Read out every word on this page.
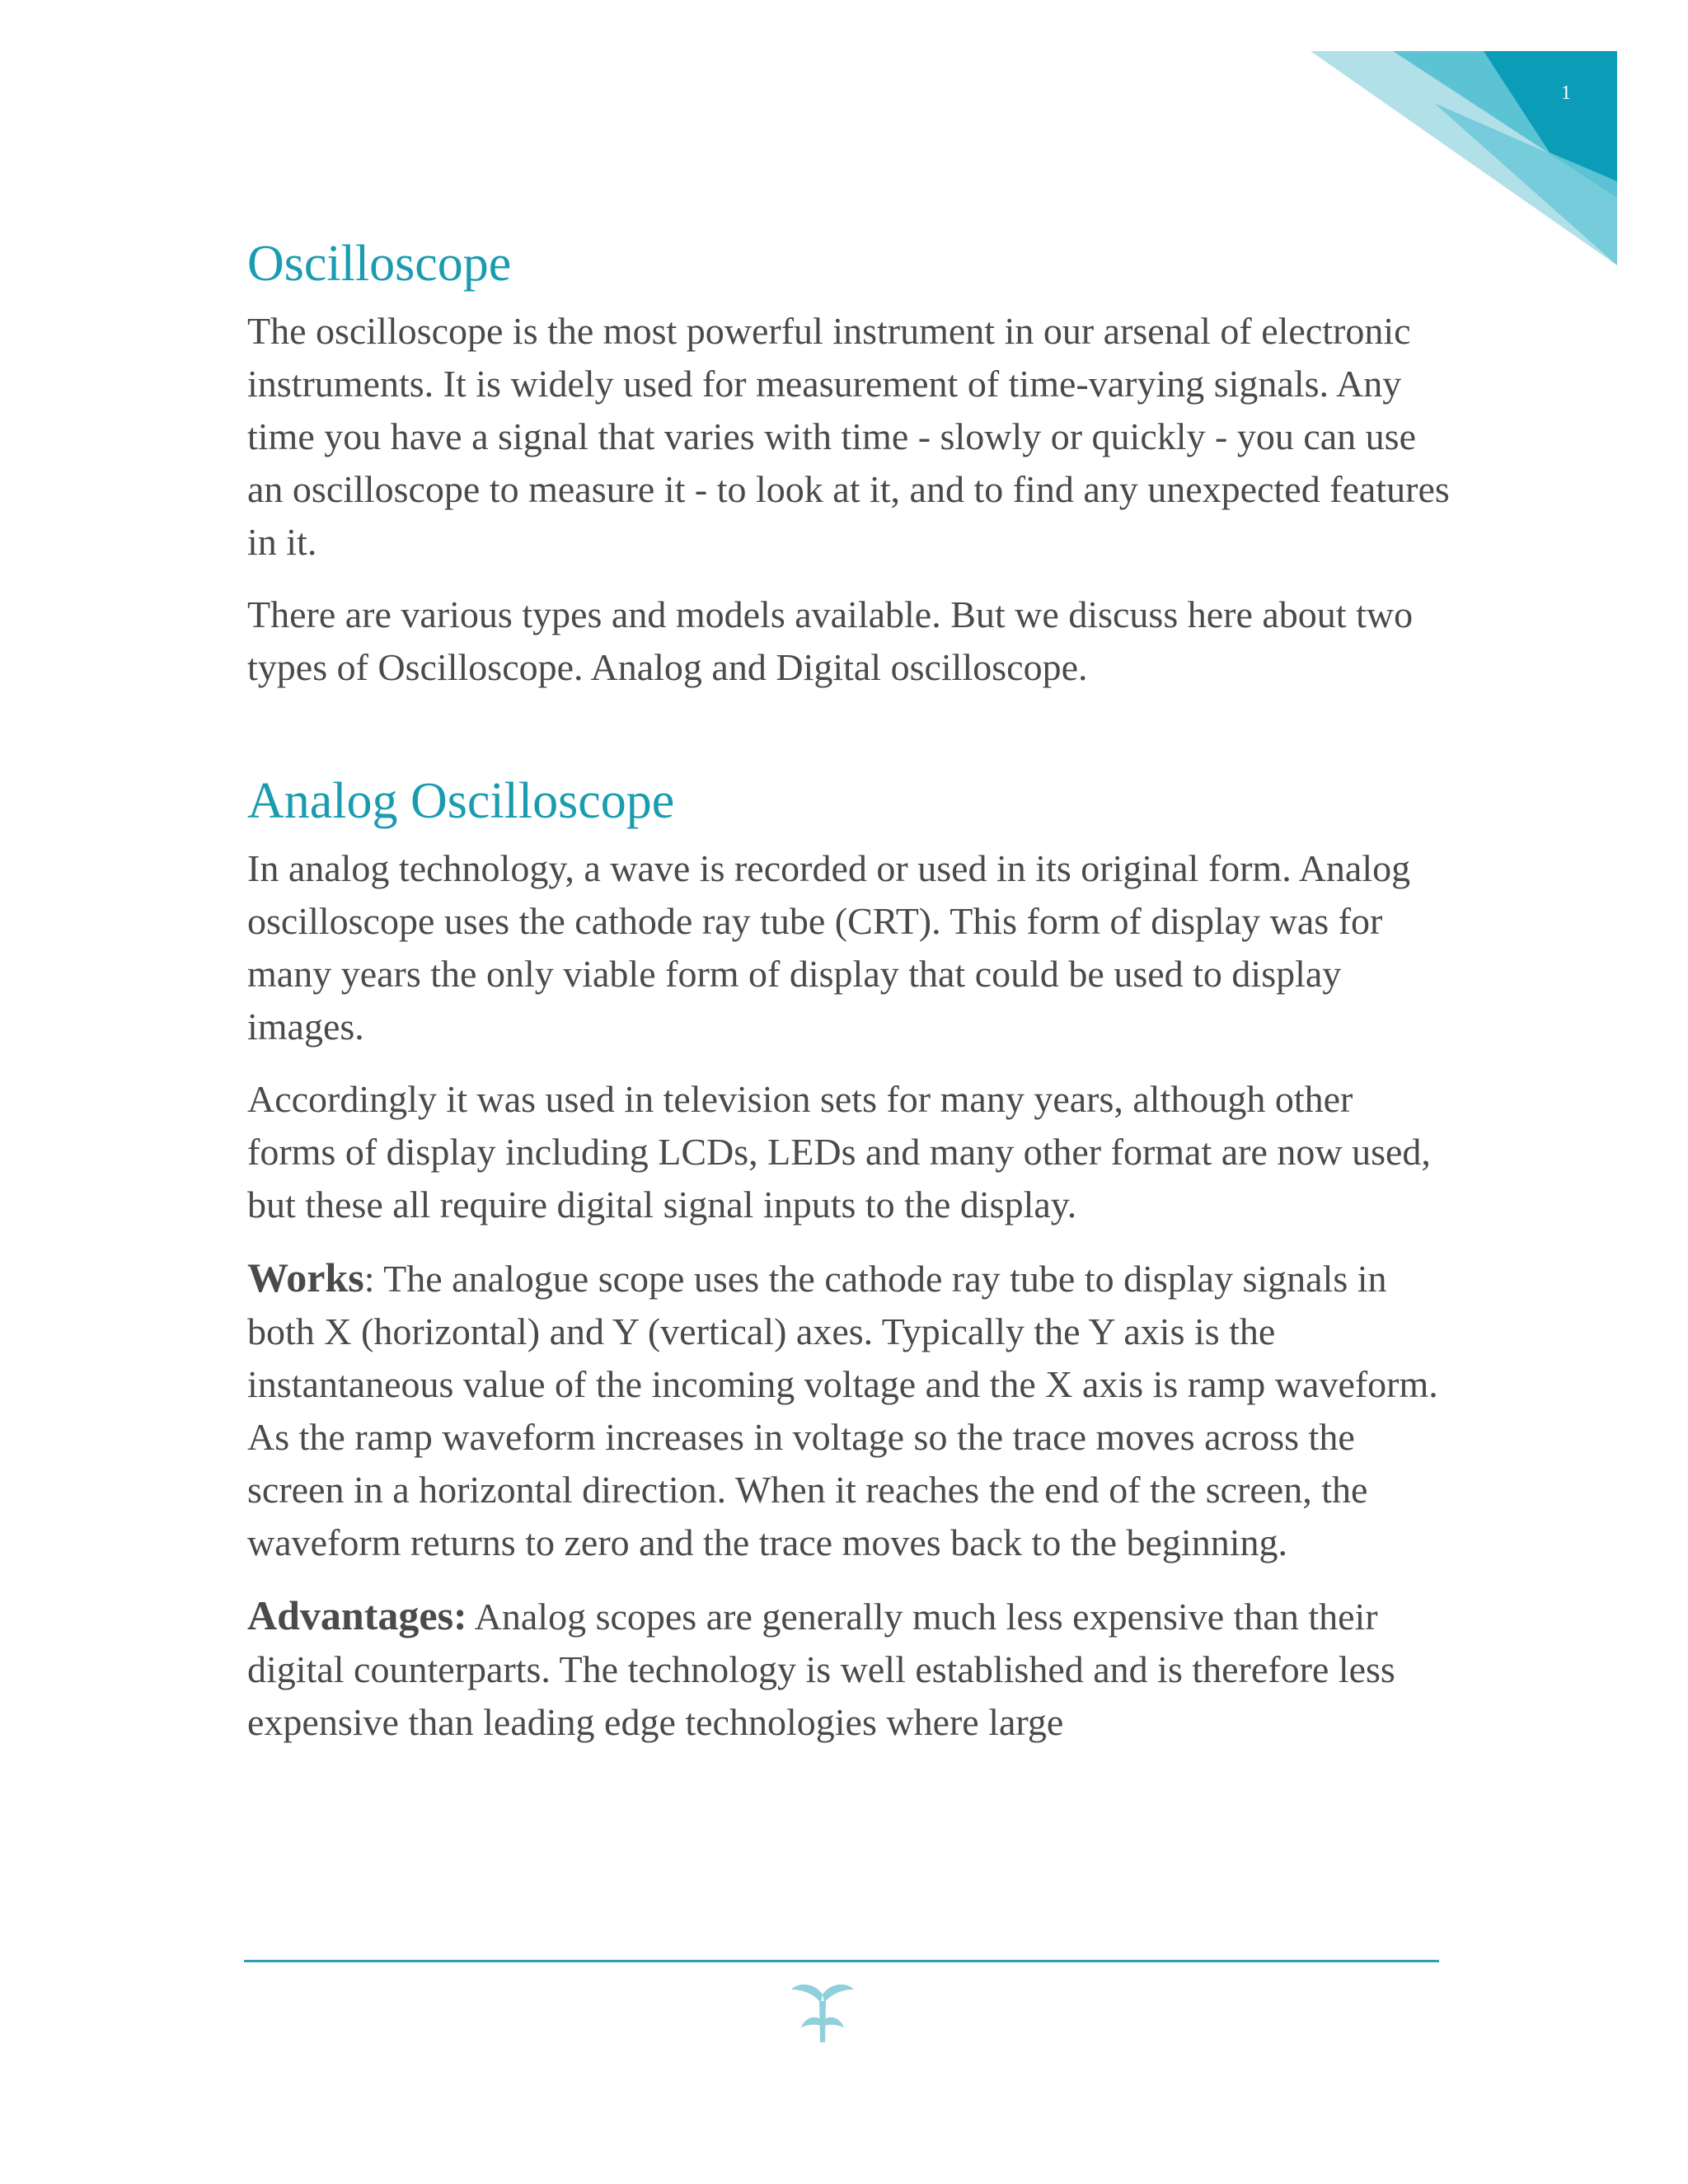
1
Oscilloscope

The oscilloscope is the most powerful instrument in our arsenal of electronic instruments. It is widely used for measurement of time-varying signals. Any time you have a signal that varies with time - slowly or quickly - you can use an oscilloscope to measure it - to look at it, and to find any unexpected features in it.

There are various types and models available. But we discuss here about two types of Oscilloscope. Analog and Digital oscilloscope.

Analog Oscilloscope

In analog technology, a wave is recorded or used in its original form. Analog oscilloscope uses the cathode ray tube (CRT). This form of display was for many years the only viable form of display that could be used to display images.

Accordingly it was used in television sets for many years, although other forms of display including LCDs, LEDs and many other format are now used, but these all require digital signal inputs to the display.

Works: The analogue scope uses the cathode ray tube to display signals in both X (horizontal) and Y (vertical) axes. Typically the Y axis is the instantaneous value of the incoming voltage and the X axis is ramp waveform.

As the ramp waveform increases in voltage so the trace moves across the screen in a horizontal direction. When it reaches the end of the screen, the waveform returns to zero and the trace moves back to the beginning.

Advantages: Analog scopes are generally much less expensive than their digital counterparts. The technology is well established and is therefore less expensive than leading edge technologies where large
